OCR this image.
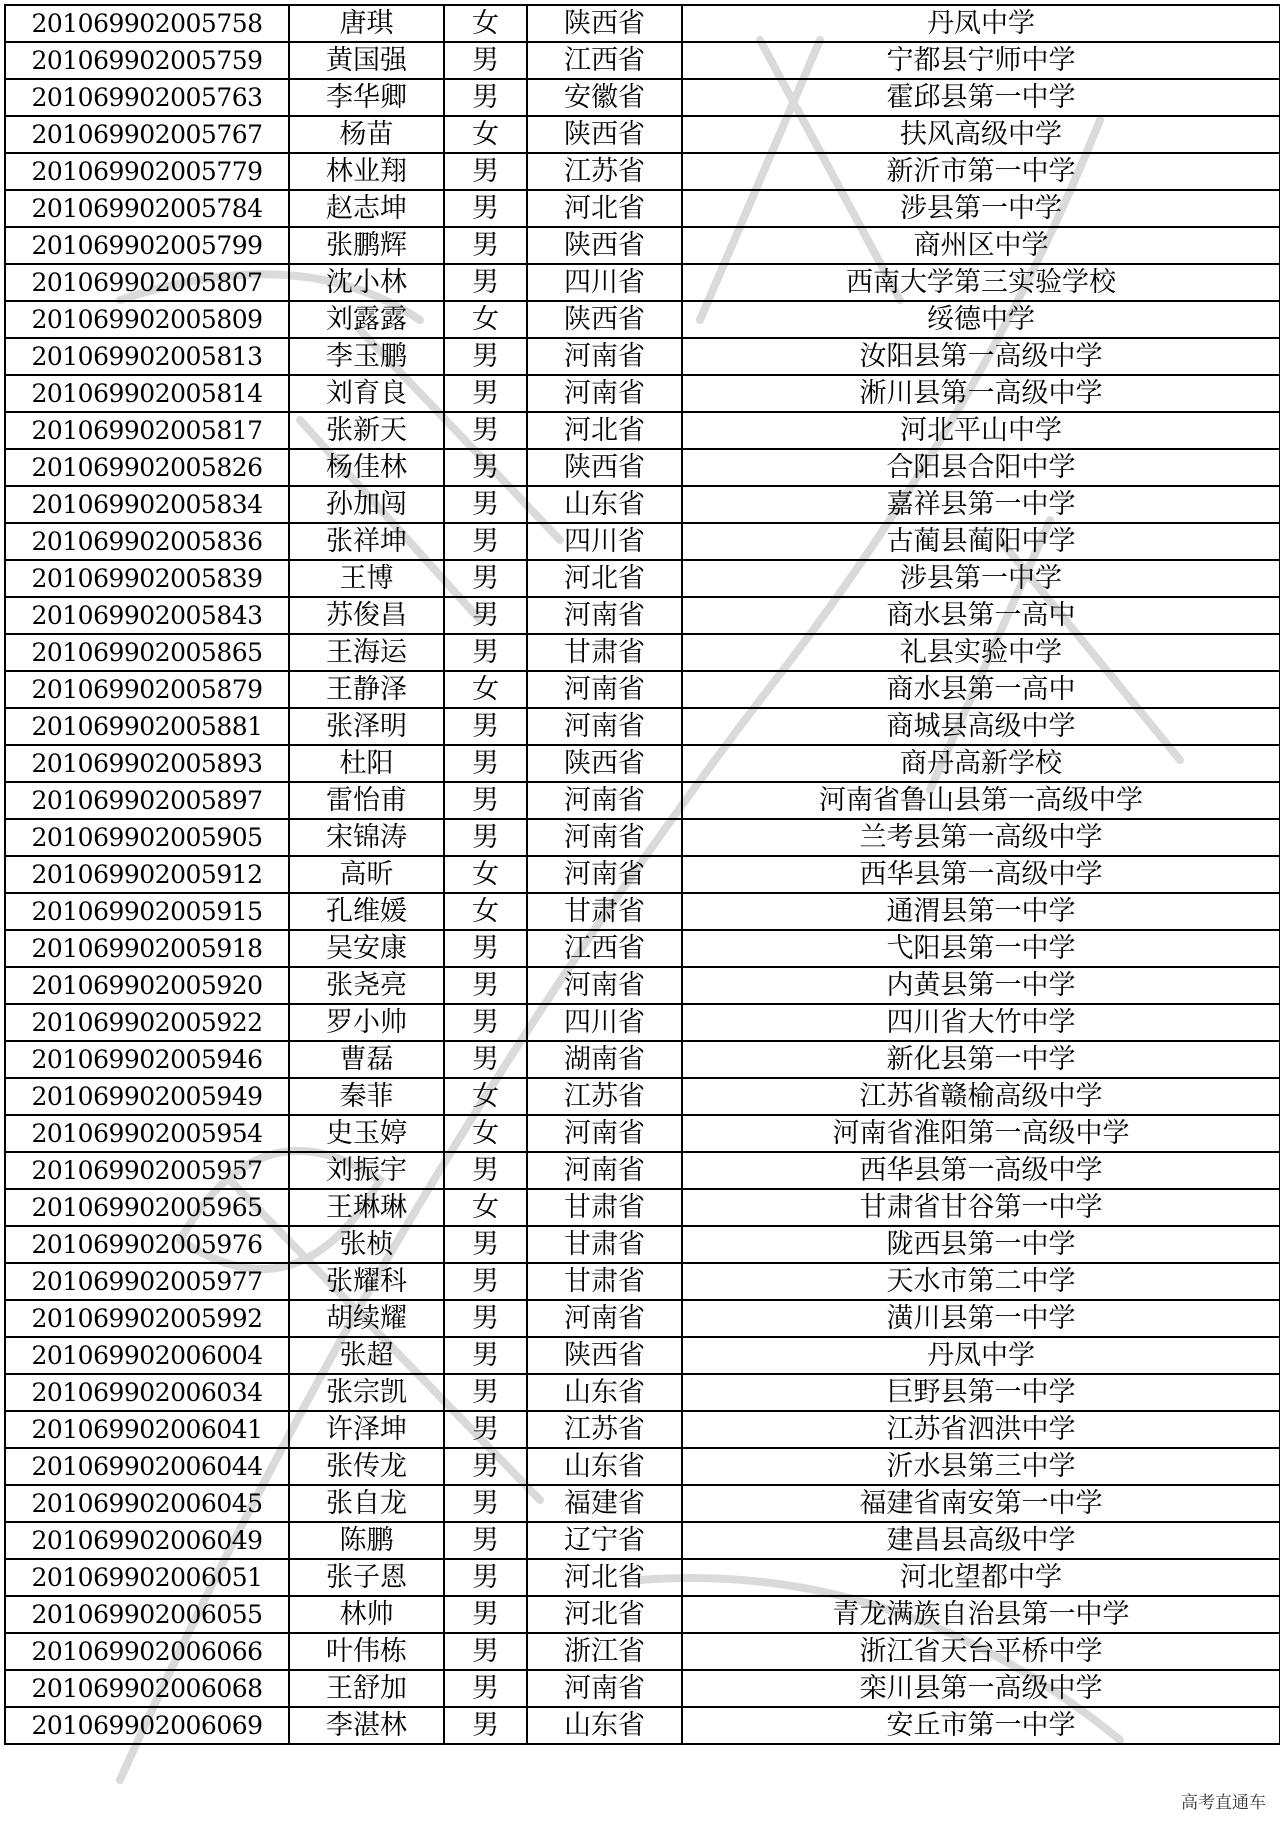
201069902005758	唐琪	女	陕西省	丹凤中学
201069902005759	黄国强	男	江西省	宁都县宁师中学
201069902005763	李华卿	男	安徽省	霍邱县第一中学
201069902005767	杨苗	女	陕西省	扶风高级中学
201069902005779	林业翔	男	江苏省	新沂市第一中学
201069902005784	赵志坤	男	河北省	涉县第一中学
201069902005799	张鹏辉	男	陕西省	商州区中学
201069902005807	沈小林	男	四川省	西南大学第三实验学校
201069902005809	刘露露	女	陕西省	绥德中学
201069902005813	李玉鹏	男	河南省	汝阳县第一高级中学
201069902005814	刘育良	男	河南省	淅川县第一高级中学
201069902005817	张新天	男	河北省	河北平山中学
201069902005826	杨佳林	男	陕西省	合阳县合阳中学
201069902005834	孙加闯	男	山东省	嘉祥县第一中学
201069902005836	张祥坤	男	四川省	古蔺县蔺阳中学
201069902005839	王博	男	河北省	涉县第一中学
201069902005843	苏俊昌	男	河南省	商水县第一高中
201069902005865	王海运	男	甘肃省	礼县实验中学
201069902005879	王静泽	女	河南省	商水县第一高中
201069902005881	张泽明	男	河南省	商城县高级中学
201069902005893	杜阳	男	陕西省	商丹高新学校
201069902005897	雷怡甫	男	河南省	河南省鲁山县第一高级中学
201069902005905	宋锦涛	男	河南省	兰考县第一高级中学
201069902005912	高昕	女	河南省	西华县第一高级中学
201069902005915	孔维媛	女	甘肃省	通渭县第一中学
201069902005918	吴安康	男	江西省	弋阳县第一中学
201069902005920	张尧亮	男	河南省	内黄县第一中学
201069902005922	罗小帅	男	四川省	四川省大竹中学
201069902005946	曹磊	男	湖南省	新化县第一中学
201069902005949	秦菲	女	江苏省	江苏省赣榆高级中学
201069902005954	史玉婷	女	河南省	河南省淮阳第一高级中学
201069902005957	刘振宇	男	河南省	西华县第一高级中学
201069902005965	王琳琳	女	甘肃省	甘肃省甘谷第一中学
201069902005976	张桢	男	甘肃省	陇西县第一中学
201069902005977	张耀科	男	甘肃省	天水市第二中学
201069902005992	胡续耀	男	河南省	潢川县第一中学
201069902006004	张超	男	陕西省	丹凤中学
201069902006034	张宗凯	男	山东省	巨野县第一中学
201069902006041	许泽坤	男	江苏省	江苏省泗洪中学
201069902006044	张传龙	男	山东省	沂水县第三中学
201069902006045	张自龙	男	福建省	福建省南安第一中学
201069902006049	陈鹏	男	辽宁省	建昌县高级中学
201069902006051	张子恩	男	河北省	河北望都中学
201069902006055	林帅	男	河北省	青龙满族自治县第一中学
201069902006066	叶伟栋	男	浙江省	浙江省天台平桥中学
201069902006068	王舒加	男	河南省	栾川县第一高级中学
201069902006069	李湛林	男	山东省	安丘市第一中学
高考直通车
